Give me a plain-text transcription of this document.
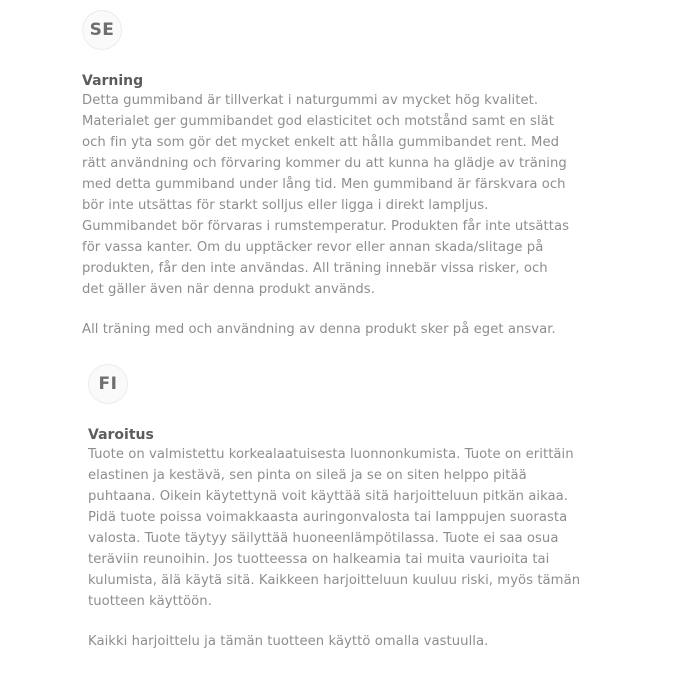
SE

Varning

Detta gummiband är tillverkat i naturgummi av mycket hög kvalitet.
Materialet ger gummibandet god elasticitet och motstånd samt en slät
och fin yta som gör det mycket enkelt att hålla gummibandet rent. Med
rätt användning och förvaring kommer du att kunna ha glädje av träning
med detta gummiband under lång tid. Men gummiband är färskvara och
bör inte utsättas för starkt solljus eller ligga i direkt lampljus.
Gummibandet bör förvaras i rumstemperatur. Produkten får inte utsättas
för vassa kanter. Om du upptäcker revor eller annan skada/slitage på
produkten, får den inte användas. All träning innebär vissa risker, och
det gäller även när denna produkt används.

All träning med och användning av denna produkt sker på eget ansvar.

FI

Varoitus

Tuote on valmistettu korkealaatuisesta luonnonkumista. Tuote on erittäin
elastinen ja kestävä, sen pinta on sileä ja se on siten helppo pitää
puhtaana. Oikein käytettynä voit käyttää sitä harjoitteluun pitkän aikaa.
Pidä tuote poissa voimakkaasta auringonvalosta tai lamppujen suorasta
valosta. Tuote täytyy säilyttää huoneenlämpötilassa. Tuote ei saa osua
teräviin reunoihin. Jos tuotteessa on halkeamia tai muita vaurioita tai
kulumista, älä käytä sitä. Kaikkeen harjoitteluun kuuluu riski, myös tämän
tuotteen käyttöön.

Kaikki harjoittelu ja tämän tuotteen käyttö omalla vastuulla.
